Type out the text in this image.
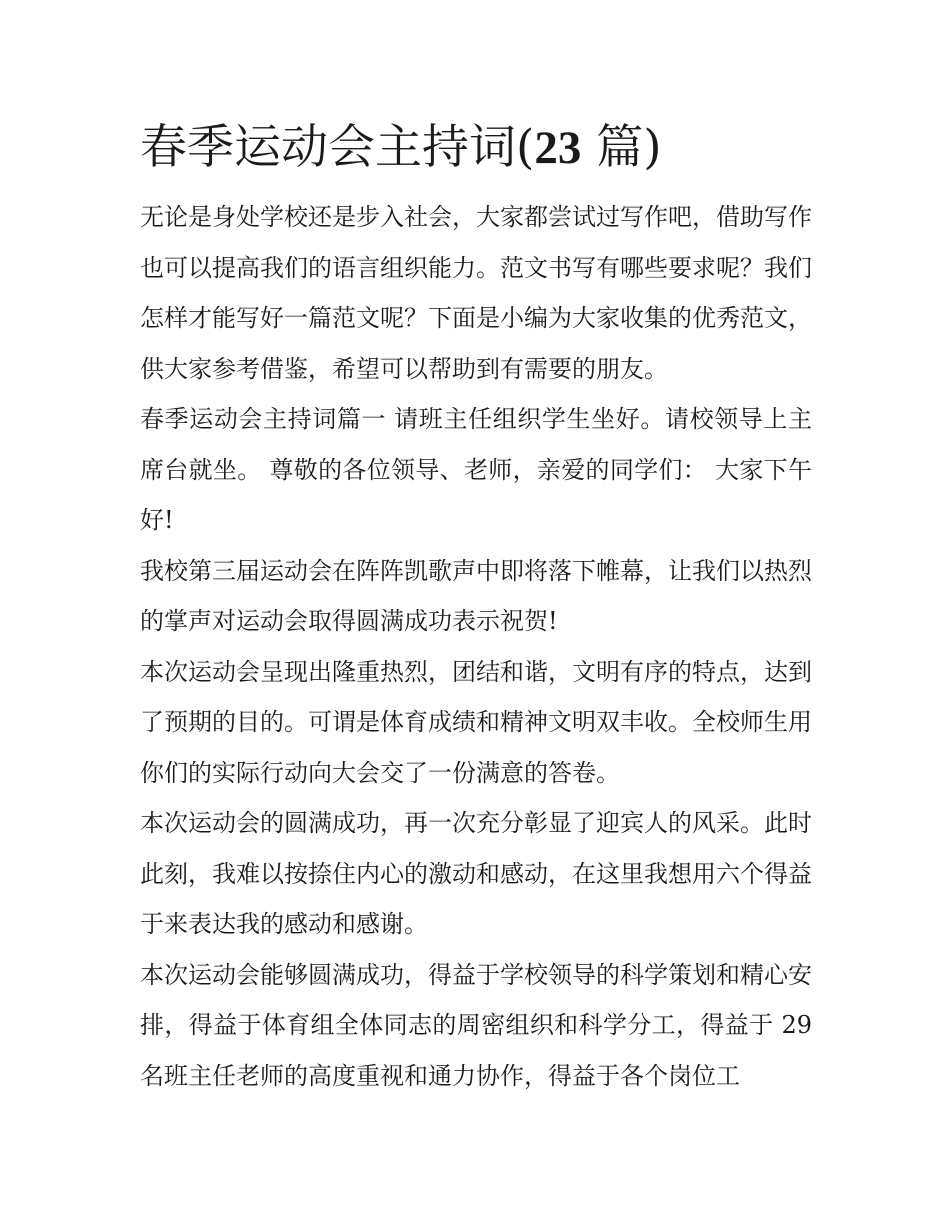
春季运动会主持词(23 篇)

无论是身处学校还是步入社会，大家都尝试过写作吧，借助写作也可以提高我们的语言组织能力。范文书写有哪些要求呢？我们怎样才能写好一篇范文呢？下面是小编为大家收集的优秀范文，供大家参考借鉴，希望可以帮助到有需要的朋友。

春季运动会主持词篇一 请班主任组织学生坐好。请校领导上主席台就坐。 尊敬的各位领导、老师，亲爱的同学们： 大家下午好!

我校第三届运动会在阵阵凯歌声中即将落下帷幕，让我们以热烈的掌声对运动会取得圆满成功表示祝贺!

本次运动会呈现出隆重热烈，团结和谐，文明有序的特点，达到了预期的目的。可谓是体育成绩和精神文明双丰收。全校师生用你们的实际行动向大会交了一份满意的答卷。

本次运动会的圆满成功，再一次充分彰显了迎宾人的风采。此时此刻，我难以按捺住内心的激动和感动，在这里我想用六个得益于来表达我的感动和感谢。

本次运动会能够圆满成功，得益于学校领导的科学策划和精心安排，得益于体育组全体同志的周密组织和科学分工，得益于 29 名班主任老师的高度重视和通力协作，得益于各个岗位工
